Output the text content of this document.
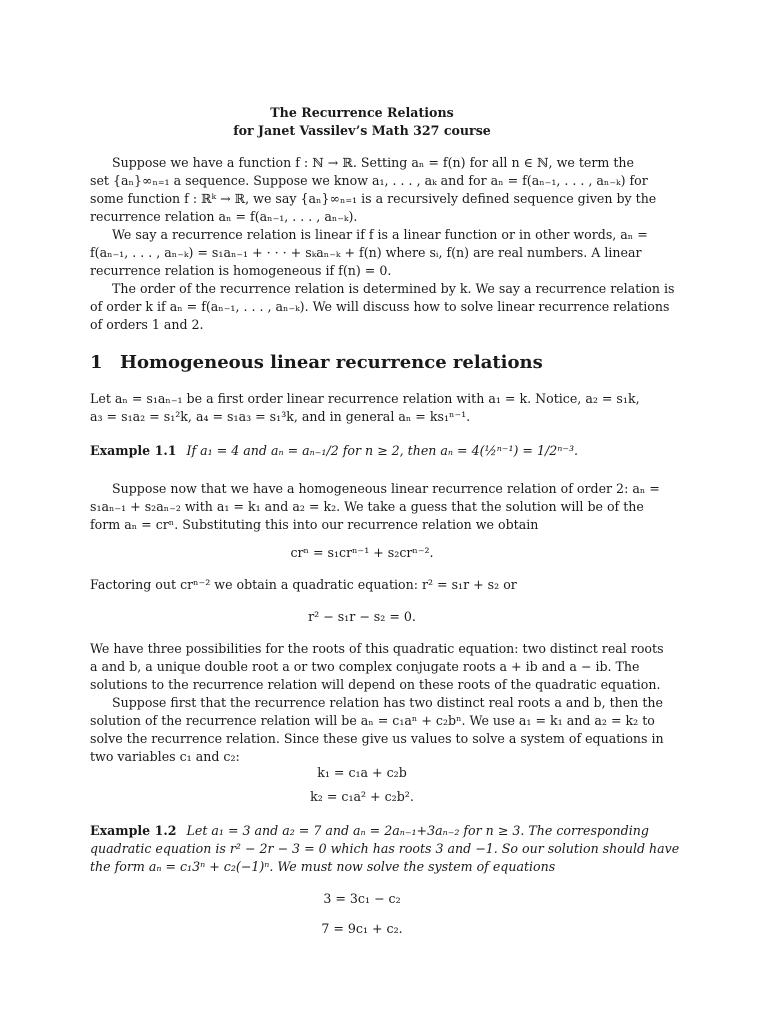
The Recurrence Relations
for Janet Vassilev’s Math 327 course
Suppose we have a function f : ℕ → ℝ. Setting aₙ = f(n) for all n ∈ ℕ, we term the
set {aₙ}∞ₙ₌₁ a sequence. Suppose we know a₁, . . . , aₖ and for aₙ = f(aₙ₋₁, . . . , aₙ₋ₖ) for
some function f : ℝᵏ → ℝ, we say {aₙ}∞ₙ₌₁ is a recursively defined sequence given by the
recurrence relation aₙ = f(aₙ₋₁, . . . , aₙ₋ₖ).
We say a recurrence relation is linear if f is a linear function or in other words, aₙ =
f(aₙ₋₁, . . . , aₙ₋ₖ) = s₁aₙ₋₁ + · · · + sₖaₙ₋ₖ + f(n) where sᵢ, f(n) are real numbers. A linear
recurrence relation is homogeneous if f(n) = 0.
The order of the recurrence relation is determined by k. We say a recurrence relation is
of order k if aₙ = f(aₙ₋₁, . . . , aₙ₋ₖ). We will discuss how to solve linear recurrence relations
of orders 1 and 2.
1 Homogeneous linear recurrence relations
Let aₙ = s₁aₙ₋₁ be a first order linear recurrence relation with a₁ = k. Notice, a₂ = s₁k,
a₃ = s₁a₂ = s₁²k, a₄ = s₁a₃ = s₁³k, and in general aₙ = ks₁ⁿ⁻¹.
Example 1.1 If a₁ = 4 and aₙ = aₙ₋₁/2 for n ≥ 2, then aₙ = 4(½ⁿ⁻¹) = 1/2ⁿ⁻³.
Suppose now that we have a homogeneous linear recurrence relation of order 2: aₙ =
s₁aₙ₋₁ + s₂aₙ₋₂ with a₁ = k₁ and a₂ = k₂. We take a guess that the solution will be of the
form aₙ = crⁿ. Substituting this into our recurrence relation we obtain
crⁿ = s₁crⁿ⁻¹ + s₂crⁿ⁻².
Factoring out crⁿ⁻² we obtain a quadratic equation: r² = s₁r + s₂ or
r² − s₁r − s₂ = 0.
We have three possibilities for the roots of this quadratic equation: two distinct real roots
a and b, a unique double root a or two complex conjugate roots a + ib and a − ib. The
solutions to the recurrence relation will depend on these roots of the quadratic equation.
Suppose first that the recurrence relation has two distinct real roots a and b, then the
solution of the recurrence relation will be aₙ = c₁aⁿ + c₂bⁿ. We use a₁ = k₁ and a₂ = k₂ to
solve the recurrence relation. Since these give us values to solve a system of equations in
two variables c₁ and c₂:
k₁ = c₁a + c₂b
k₂ = c₁a² + c₂b².
Example 1.2 Let a₁ = 3 and a₂ = 7 and aₙ = 2aₙ₋₁+3aₙ₋₂ for n ≥ 3. The corresponding
quadratic equation is r² − 2r − 3 = 0 which has roots 3 and −1. So our solution should have
the form aₙ = c₁3ⁿ + c₂(−1)ⁿ. We must now solve the system of equations
3 = 3c₁ − c₂
7 = 9c₁ + c₂.
